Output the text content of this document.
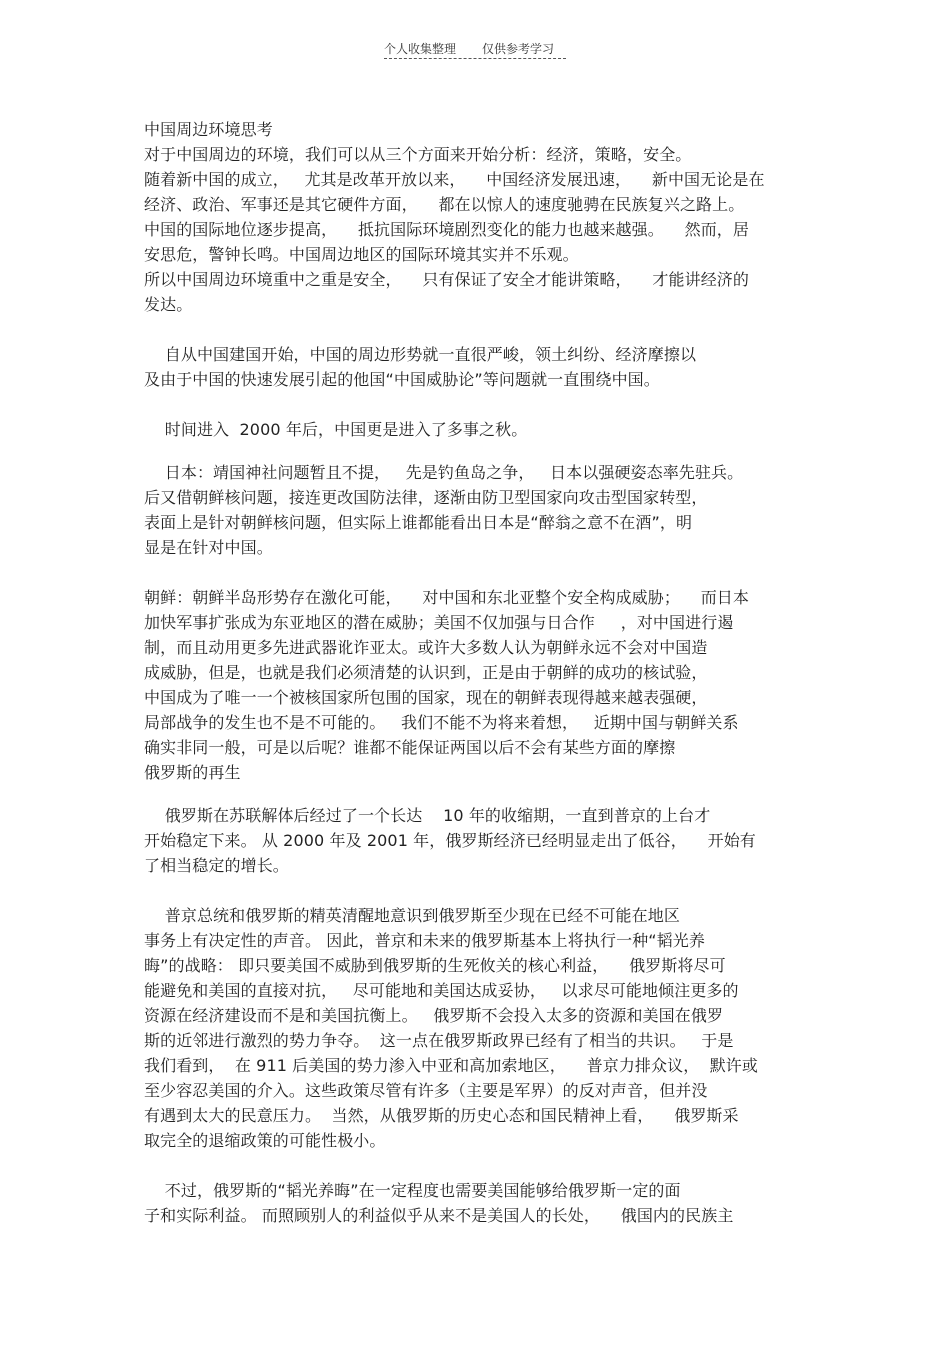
个人收集整理 仅供参考学习
中国周边环境思考
对于中国周边的环境，我们可以从三个方面来开始分析：经济，策略，安全。
随着新中国的成立，   尤其是改革开放以来，    中国经济发展迅速，    新中国无论是在
经济、政治、军事还是其它硬件方面，    都在以惊人的速度驰骋在民族复兴之路上。
中国的国际地位逐步提高，    抵抗国际环境剧烈变化的能力也越来越强。    然而，居
安思危，警钟长鸣。中国周边地区的国际环境其实并不乐观。
所以中国周边环境重中之重是安全，    只有保证了安全才能讲策略，    才能讲经济的
发达。
自从中国建国开始，中国的周边形势就一直很严峻，领土纠纷、经济摩擦以
及由于中国的快速发展引起的他国“中国威胁论”等问题就一直围绕中国。
时间进入  2000 年后，中国更是进入了多事之秋。
日本：靖国神社问题暂且不提，   先是钓鱼岛之争，   日本以强硬姿态率先驻兵。
后又借朝鲜核问题，接连更改国防法律，逐渐由防卫型国家向攻击型国家转型，
表面上是针对朝鲜核问题，但实际上谁都能看出日本是“醉翁之意不在酒”，明
显是在针对中国。
朝鲜：朝鲜半岛形势存在激化可能，    对中国和东北亚整个安全构成威胁；    而日本
加快军事扩张成为东亚地区的潜在威胁；美国不仅加强与日合作     ，对中国进行遏
制，而且动用更多先进武器讹诈亚太。或许大多数人认为朝鲜永远不会对中国造
成威胁，但是，也就是我们必须清楚的认识到，正是由于朝鲜的成功的核试验，
中国成为了唯一一个被核国家所包围的国家，现在的朝鲜表现得越来越表强硬，
局部战争的发生也不是不可能的。   我们不能不为将来着想，   近期中国与朝鲜关系
确实非同一般，可是以后呢？谁都不能保证两国以后不会有某些方面的摩擦
俄罗斯的再生
俄罗斯在苏联解体后经过了一个长达    10 年的收缩期，一直到普京的上台才
开始稳定下来。 从 2000 年及 2001 年，俄罗斯经济已经明显走出了低谷，    开始有
了相当稳定的增长。
普京总统和俄罗斯的精英清醒地意识到俄罗斯至少现在已经不可能在地区
事务上有决定性的声音。 因此，普京和未来的俄罗斯基本上将执行一种“韬光养
晦”的战略： 即只要美国不威胁到俄罗斯的生死攸关的核心利益，    俄罗斯将尽可
能避免和美国的直接对抗，   尽可能地和美国达成妥协，   以求尽可能地倾注更多的
资源在经济建设而不是和美国抗衡上。   俄罗斯不会投入太多的资源和美国在俄罗
斯的近邻进行激烈的势力争夺。  这一点在俄罗斯政界已经有了相当的共识。   于是
我们看到，  在 911 后美国的势力渗入中亚和高加索地区，    普京力排众议，  默许或
至少容忍美国的介入。这些政策尽管有许多（主要是军界）的反对声音，但并没
有遇到太大的民意压力。  当然，从俄罗斯的历史心态和国民精神上看，    俄罗斯采
取完全的退缩政策的可能性极小。
不过，俄罗斯的“韬光养晦”在一定程度也需要美国能够给俄罗斯一定的面
子和实际利益。 而照顾别人的利益似乎从来不是美国人的长处，    俄国内的民族主
